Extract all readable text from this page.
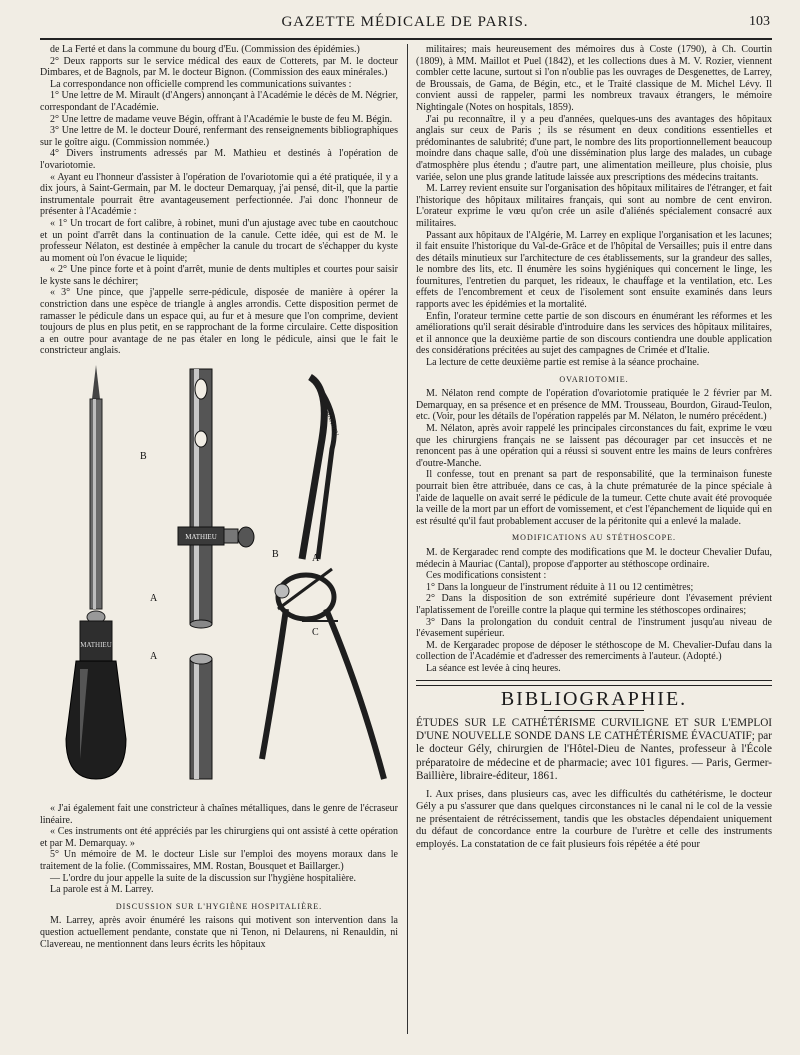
GAZETTE MÉDICALE DE PARIS.	103

de La Ferté et dans la commune du bourg d'Eu. (Commission des épidémies.)

2° Deux rapports sur le service médical des eaux de Cotterets, par M. le docteur Dimbares, et de Bagnols, par M. le docteur Bignon. (Commission des eaux minérales.)

La correspondance non officielle comprend les communications suivantes :

1° Une lettre de M. Mirault (d'Angers) annonçant à l'Académie le décès de M. Négrier, correspondant de l'Académie.

2° Une lettre de madame veuve Bégin, offrant à l'Académie le buste de feu M. Bégin.

3° Une lettre de M. le docteur Douré, renfermant des renseignements bibliographiques sur le goître aigu. (Commission nommée.)

4° Divers instruments adressés par M. Mathieu et destinés à l'opération de l'ovariotomie.

« Ayant eu l'honneur d'assister à l'opération de l'ovariotomie qui a été pratiquée, il y a dix jours, à Saint-Germain, par M. le docteur Demarquay, j'ai pensé, dit-il, que la partie instrumentale pourrait être avantageusement perfectionnée. J'ai donc l'honneur de présenter à l'Académie :

« 1° Un trocart de fort calibre, à robinet, muni d'un ajustage avec tube en caoutchouc et un point d'arrêt dans la continuation de la canule. Cette idée, qui est de M. le professeur Nélaton, est destinée à empêcher la canule du trocart de s'échapper du kyste au moment où l'on évacue le liquide;

« 2° Une pince forte et à point d'arrêt, munie de dents multiples et courtes pour saisir le kyste sans le déchirer;

« 3° Une pince, que j'appelle serre-pédicule, disposée de manière à opérer la constriction dans une espèce de triangle à angles arrondis. Cette disposition permet de ramasser le pédicule dans un espace qui, au fur et à mesure que l'on comprime, devient toujours de plus en plus petit, en se rapprochant de la forme circulaire. Cette disposition a en outre pour avantage de ne pas étaler en long le pédicule, ainsi que le fait le constricteur anglais.

MATHIEU
MATHIEU
MATHIEU
B
A
A
B	A
C

« J'ai également fait une constricteur à chaînes métalliques, dans le genre de l'écraseur linéaire.

« Ces instruments ont été appréciés par les chirurgiens qui ont assisté à cette opération et par M. Demarquay. »

5° Un mémoire de M. le docteur Lisle sur l'emploi des moyens moraux dans le traitement de la folie. (Commissaires, MM. Rostan, Bousquet et Baillarger.)

— L'ordre du jour appelle la suite de la discussion sur l'hygiène hospitalière.

La parole est à M. Larrey.

DISCUSSION SUR L'HYGIÈNE HOSPITALIÈRE.

M. Larrey, après avoir énuméré les raisons qui motivent son intervention dans la question actuellement pendante, constate que ni Tenon, ni Delaurens, ni Renauldin, ni Clavereau, ne mentionnent dans leurs écrits les hôpitaux

militaires; mais heureusement des mémoires dus à Coste (1790), à Ch. Courtin (1809), à MM. Maillot et Puel (1842), et les collections dues à M. V. Rozier, viennent combler cette lacune, surtout si l'on n'oublie pas les ouvrages de Desgenettes, de Larrey, de Broussais, de Gama, de Bégin, etc., et le Traité classique de M. Michel Lévy. Il convient aussi de rappeler, parmi les nombreux travaux étrangers, le mémoire Nightingale (Notes on hospitals, 1859).

J'ai pu reconnaître, il y a peu d'années, quelques-uns des avantages des hôpitaux anglais sur ceux de Paris ; ils se résument en deux conditions essentielles et prédominantes de salubrité; d'une part, le nombre des lits proportionnellement beaucoup moindre dans chaque salle, d'où une dissémination plus large des malades, un cubage d'atmosphère plus étendu ; d'autre part, une alimentation meilleure, plus choisie, plus variée, selon une plus grande latitude laissée aux prescriptions des médecins traitants.

M. Larrey revient ensuite sur l'organisation des hôpitaux militaires de l'étranger, et fait l'historique des hôpitaux militaires français, qui sont au nombre de cent environ. L'orateur exprime le vœu qu'on crée un asile d'aliénés spécialement consacré aux militaires.

Passant aux hôpitaux de l'Algérie, M. Larrey en explique l'organisation et les lacunes; il fait ensuite l'historique du Val-de-Grâce et de l'hôpital de Versailles; puis il entre dans des détails minutieux sur l'architecture de ces établissements, sur la grandeur des salles, le nombre des lits, etc. Il énumère les soins hygiéniques qui concernent le linge, les fournitures, l'entretien du parquet, les rideaux, le chauffage et la ventilation, etc. Les effets de l'encombrement et ceux de l'isolement sont ensuite examinés dans leurs rapports avec les épidémies et la mortalité.

Enfin, l'orateur termine cette partie de son discours en énumérant les réformes et les améliorations qu'il serait désirable d'introduire dans les services des hôpitaux militaires, et il annonce que la deuxième partie de son discours contiendra une double application des considérations précitées au sujet des campagnes de Crimée et d'Italie.

La lecture de cette deuxième partie est remise à la séance prochaine.

OVARIOTOMIE.

M. Nélaton rend compte de l'opération d'ovariotomie pratiquée le 2 février par M. Demarquay, en sa présence et en présence de MM. Trousseau, Bourdon, Giraud-Teulon, etc. (Voir, pour les détails de l'opération rappelés par M. Nélaton, le numéro précédent.)

M. Nélaton, après avoir rappelé les principales circonstances du fait, exprime le vœu que les chirurgiens français ne se laissent pas décourager par cet insuccès et ne renoncent pas à une opération qui a réussi si souvent entre les mains de leurs confrères d'outre-Manche.

Il confesse, tout en prenant sa part de responsabilité, que la terminaison funeste pourrait bien être attribuée, dans ce cas, à la chute prématurée de la pince spéciale à l'aide de laquelle on avait serré le pédicule de la tumeur. Cette chute avait été provoquée la veille de la mort par un effort de vomissement, et c'est l'épanchement de liquide qui en est résulté qu'il faut probablement accuser de la péritonite qui a enlevé la malade.

MODIFICATIONS AU STÉTHOSCOPE.

M. de Kergaradec rend compte des modifications que M. le docteur Chevalier Dufau, médecin à Mauriac (Cantal), propose d'apporter au stéthoscope ordinaire.

Ces modifications consistent :

1° Dans la longueur de l'instrument réduite à 11 ou 12 centimètres;

2° Dans la disposition de son extrémité supérieure dont l'évasement prévient l'aplatissement de l'oreille contre la plaque qui termine les stéthoscopes ordinaires;

3° Dans la prolongation du conduit central de l'instrument jusqu'au niveau de l'évasement supérieur.

M. de Kergaradec propose de déposer le stéthoscope de M. Chevalier-Dufau dans la collection de l'Académie et d'adresser des remerciments à l'auteur. (Adopté.)

La séance est levée à cinq heures.

BIBLIOGRAPHIE.

ÉTUDES SUR LE CATHÉTÉRISME CURVILIGNE ET SUR L'EMPLOI D'UNE NOUVELLE SONDE DANS LE CATHÉTÉRISME ÉVACUATIF; par le docteur Gély, chirurgien de l'Hôtel-Dieu de Nantes, professeur à l'École préparatoire de médecine et de pharmacie; avec 101 figures. — Paris, Germer-Baillière, libraire-éditeur, 1861.

I. Aux prises, dans plusieurs cas, avec les difficultés du cathétérisme, le docteur Gély a pu s'assurer que dans quelques circonstances ni le canal ni le col de la vessie ne présentaient de rétrécissement, tandis que les obstacles dépendaient uniquement du défaut de concordance entre la courbure de l'urètre et celle des instruments employés. La constatation de ce fait plusieurs fois répétée a été pour
